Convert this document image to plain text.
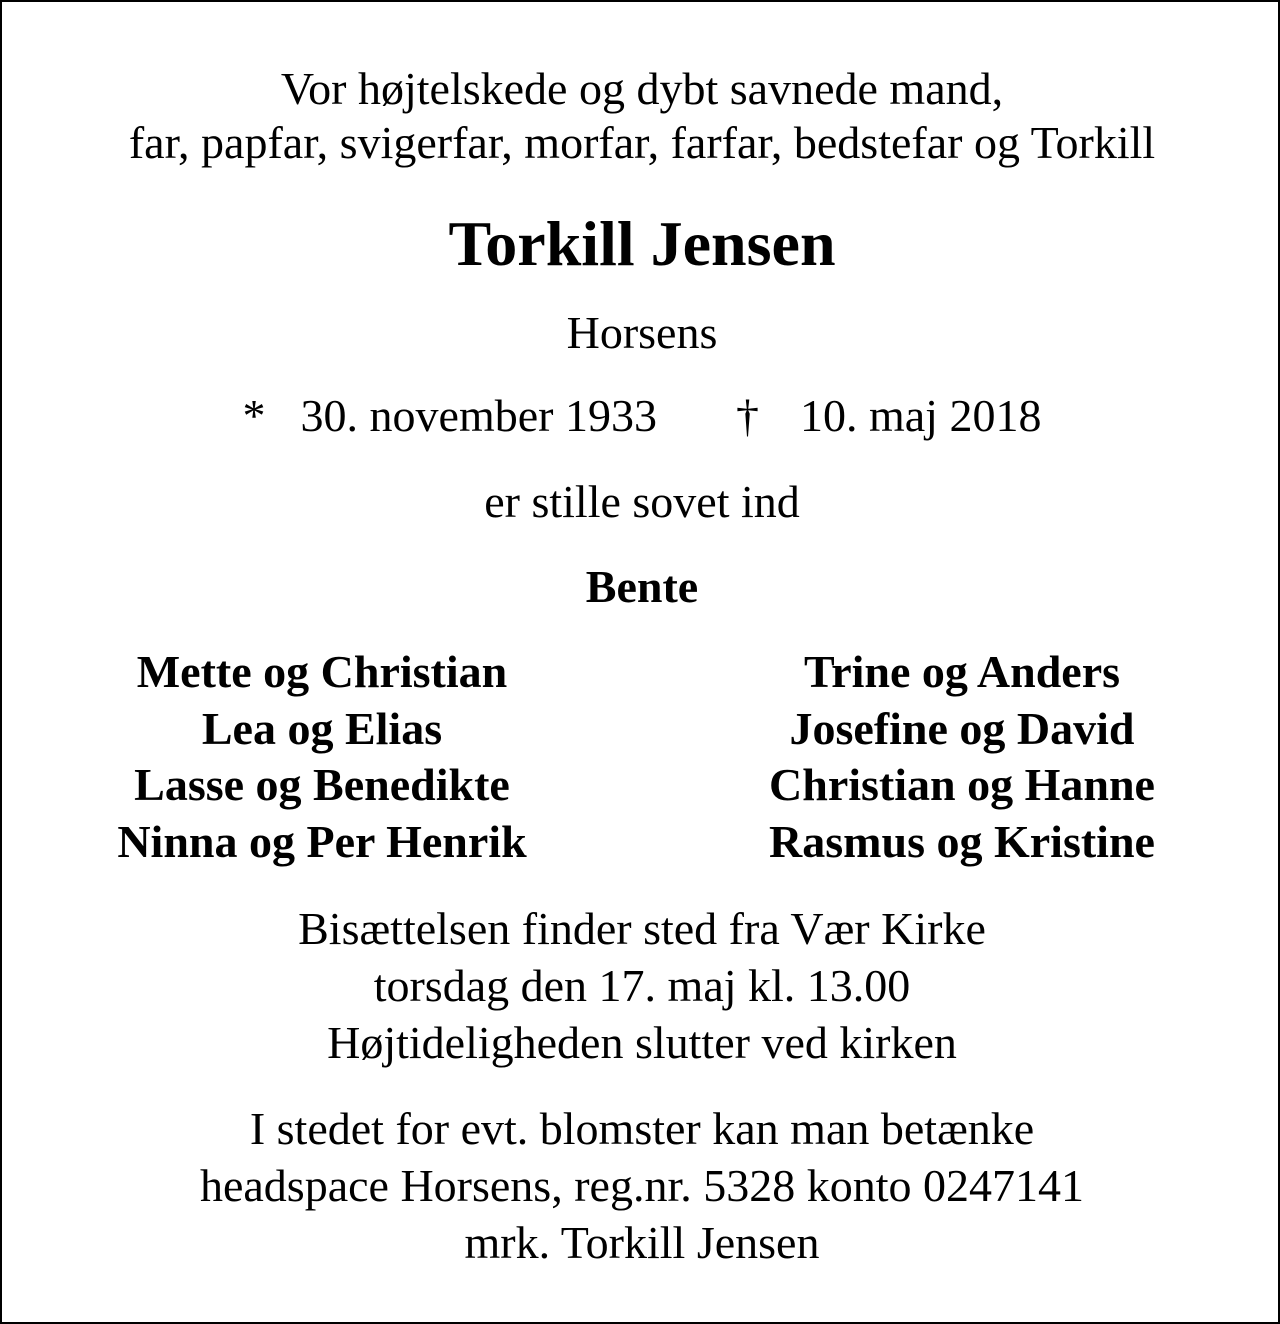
Vor højtelskede og dybt savnede mand,
far, papfar, svigerfar, morfar, farfar, bedstefar og Torkill
Torkill Jensen
Horsens
* 30. november 1933 † 10. maj 2018
er stille sovet ind
Bente
Mette og Christian
Lea og Elias
Lasse og Benedikte
Ninna og Per Henrik
Trine og Anders
Josefine og David
Christian og Hanne
Rasmus og Kristine
Bisættelsen finder sted fra Vær Kirke
torsdag den 17. maj kl. 13.00
Højtideligheden slutter ved kirken
I stedet for evt. blomster kan man betænke
headspace Horsens, reg.nr. 5328 konto 0247141
mrk. Torkill Jensen
